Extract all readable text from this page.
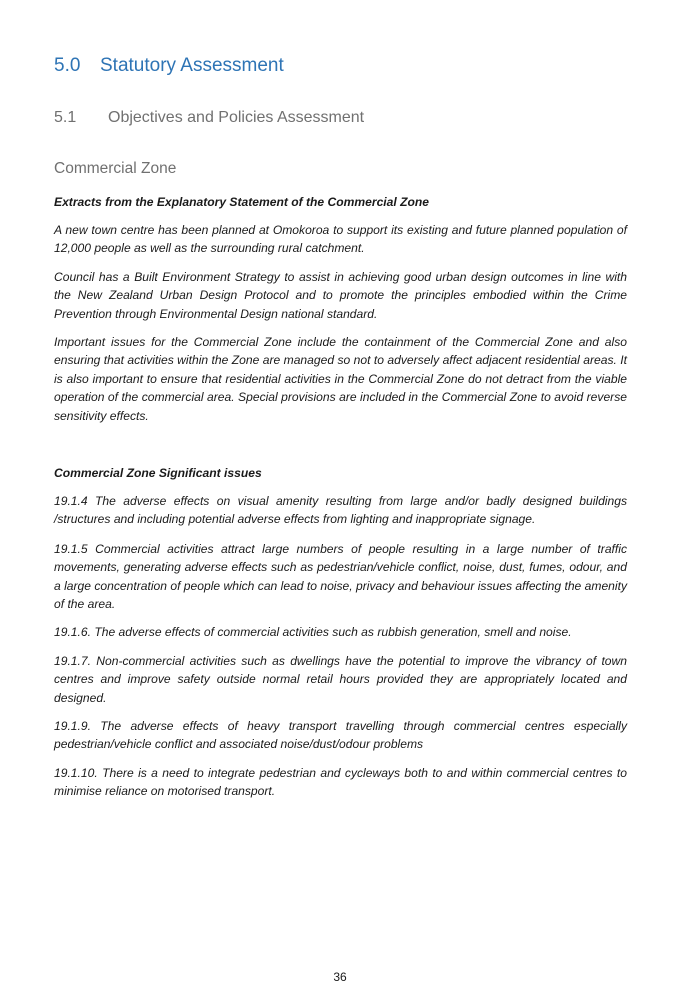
5.0 Statutory Assessment
5.1 Objectives and Policies Assessment
Commercial Zone

Extracts from the Explanatory Statement of the Commercial Zone

A new town centre has been planned at Omokoroa to support its existing and future planned population of 12,000 people as well as the surrounding rural catchment.

Council has a Built Environment Strategy to assist in achieving good urban design outcomes in line with the New Zealand Urban Design Protocol and to promote the principles embodied within the Crime Prevention through Environmental Design national standard.

Important issues for the Commercial Zone include the containment of the Commercial Zone and also ensuring that activities within the Zone are managed so not to adversely affect adjacent residential areas. It is also important to ensure that residential activities in the Commercial Zone do not detract from the viable operation of the commercial area. Special provisions are included in the Commercial Zone to avoid reverse sensitivity effects.

Commercial Zone Significant issues

19.1.4 The adverse effects on visual amenity resulting from large and/or badly designed buildings /structures and including potential adverse effects from lighting and inappropriate signage.

19.1.5 Commercial activities attract large numbers of people resulting in a large number of traffic movements, generating adverse effects such as pedestrian/vehicle conflict, noise, dust, fumes, odour, and a large concentration of people which can lead to noise, privacy and behaviour issues affecting the amenity of the area.

19.1.6. The adverse effects of commercial activities such as rubbish generation, smell and noise.

19.1.7. Non-commercial activities such as dwellings have the potential to improve the vibrancy of town centres and improve safety outside normal retail hours provided they are appropriately located and designed.

19.1.9. The adverse effects of heavy transport travelling through commercial centres especially pedestrian/vehicle conflict and associated noise/dust/odour problems

19.1.10. There is a need to integrate pedestrian and cycleways both to and within commercial centres to minimise reliance on motorised transport.

36
